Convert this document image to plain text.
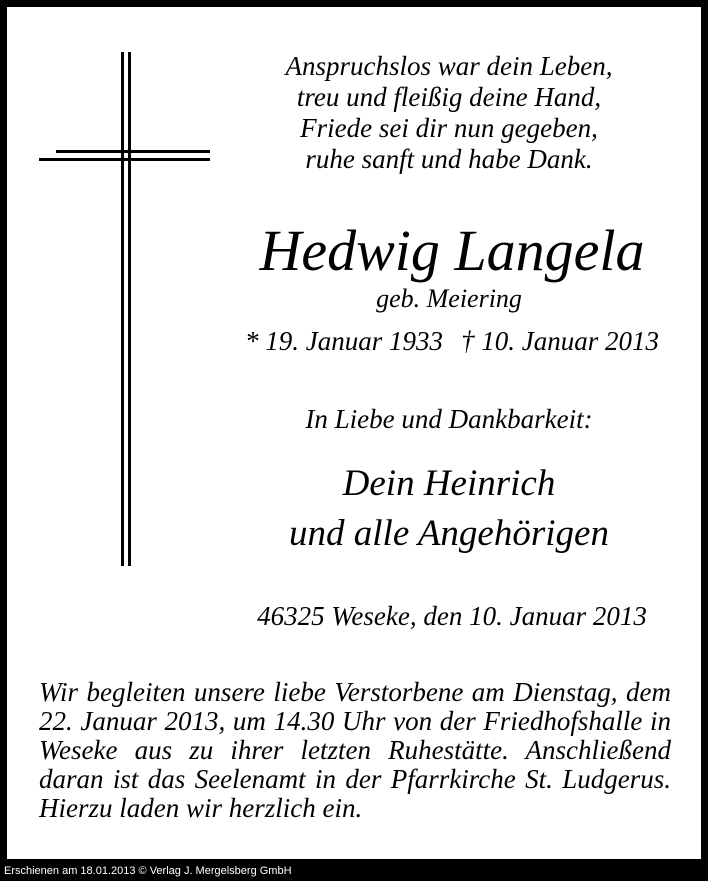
Anspruchslos war dein Leben,
treu und fleißig deine Hand,
Friede sei dir nun gegeben,
ruhe sanft und habe Dank.
Hedwig Langela
geb. Meiering
* 19. Januar 1933 † 10. Januar 2013
In Liebe und Dankbarkeit:
Dein Heinrich
und alle Angehörigen
46325 Weseke, den 10. Januar 2013
Wir begleiten unsere liebe Verstorbene am Dienstag, dem 22. Januar 2013, um 14.30 Uhr von der Friedhofshalle in Weseke aus zu ihrer letzten Ruhestätte. Anschließend daran ist das Seelenamt in der Pfarrkirche St. Ludgerus. Hierzu laden wir herzlich ein.
Erschienen am 18.01.2013 © Verlag J. Mergelsberg GmbH
